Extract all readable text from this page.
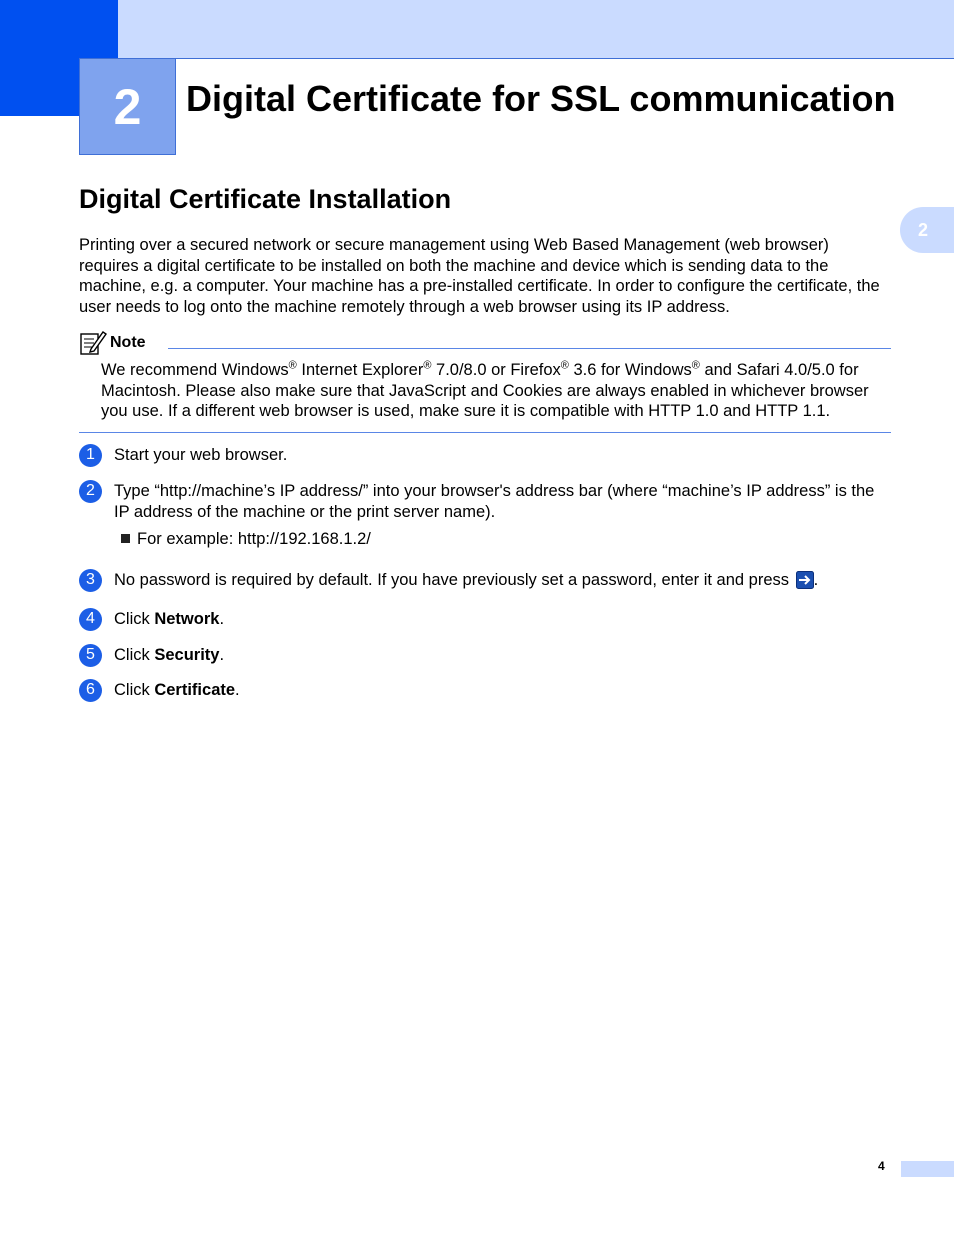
2	Digital Certificate for SSL communication
2
Digital Certificate Installation

Printing over a secured network or secure management using Web Based Management (web browser) requires a digital certificate to be installed on both the machine and device which is sending data to the machine, e.g. a computer. Your machine has a pre-installed certificate. In order to configure the certificate, the user needs to log onto the machine remotely through a web browser using its IP address.

Note

We recommend Windows® Internet Explorer® 7.0/8.0 or Firefox® 3.6 for Windows® and Safari 4.0/5.0 for Macintosh. Please also make sure that JavaScript and Cookies are always enabled in whichever browser you use. If a different web browser is used, make sure it is compatible with HTTP 1.0 and HTTP 1.1.

1	Start your web browser.
2	Type “http://machine’s IP address/” into your browser's address bar (where “machine’s IP address” is the IP address of the machine or the print server name).
For example: http://192.168.1.2/
3	No password is required by default. If you have previously set a password, enter it and press .
4	Click Network.
5	Click Security.
6	Click Certificate.
4
